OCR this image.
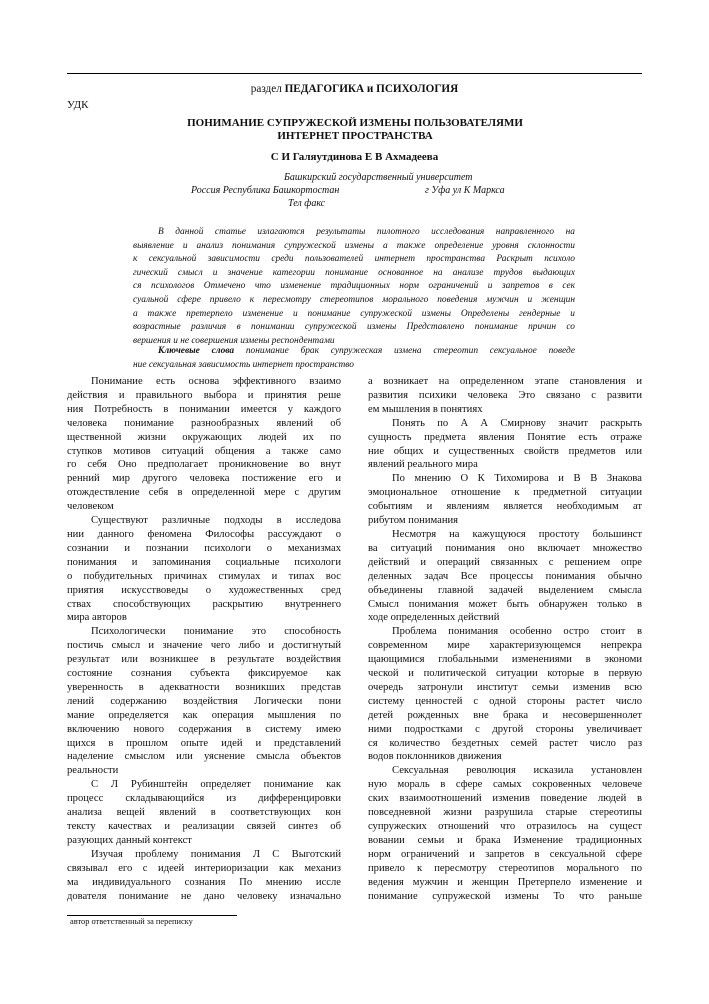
раздел ПЕДАГОГИКА и ПСИХОЛОГИЯ
УДК
ПОНИМАНИЕ СУПРУЖЕСКОЙ ИЗМЕНЫ ПОЛЬЗОВАТЕЛЯМИ
ИНТЕРНЕТ ПРОСТРАНСТВА
С И Галяутдинова Е В Ахмадеева
Башкирский государственный университет
Россия Республика Башкортостан	г Уфа ул К Маркса
Тел факс
В данной статье излагаются результаты пилотного исследования направленного на
выявление и анализ понимания супружеской измены а также определение уровня склонности
к сексуальной зависимости среди пользователей интернет пространства Раскрыт психоло
гический смысл и значение категории понимание основанное на анализе трудов выдающих
ся психологов Отмечено что изменение традиционных норм ограничений и запретов в сек
суальной сфере привело к пересмотру стереотипов морального поведения мужчин и женщин
а также претерпело изменение и понимание супружеской измены Определены гендерные и
возрастные различия в понимании супружеской измены Представлено понимание причин со
вершения и не совершения измены респондентами
Ключевые слова понимание брак супружеская измена стереотип сексуальное поведе
ние сексуальная зависимость интернет пространство
Понимание есть основа эффективного взаимо
действия и правильного выбора и принятия реше
ния Потребность в понимании имеется у каждого
человека понимание разнообразных явлений об
щественной жизни окружающих людей их по
ступков мотивов ситуаций общения а также само
го себя Оно предполагает проникновение во внут
ренний мир другого человека постижение его и
отождествление себя в определенной мере с другим
человеком
Существуют различные подходы в исследова
нии данного феномена Философы рассуждают о
сознании и познании психологи о механизмах
понимания и запоминания социальные психологи
о побудительных причинах стимулах и типах вос
приятия искусствоведы о художественных сред
ствах способствующих раскрытию внутреннего
мира авторов
Психологически понимание это способность
постичь смысл и значение чего либо и достигнутый
результат или возникшее в результате воздействия
состояние сознания субъекта фиксируемое как
уверенность в адекватности возникших представ
лений содержанию воздействия Логически пони
мание определяется как операция мышления по
включению нового содержания в систему имею
щихся в прошлом опыте идей и представлений
наделение смыслом или уяснение смысла объектов
реальности
С Л Рубинштейн определяет понимание как
процесс складывающийся из дифференцировки
анализа вещей явлений в соответствующих кон
тексту качествах и реализации связей синтез об
разующих данный контекст
Изучая проблему понимания Л С Выготский
связывал его с идеей интериоризации как механиз
ма индивидуального сознания По мнению иссле
дователя понимание не дано человеку изначально
а возникает на определенном этапе становления и
развития психики человека Это связано с развити
ем мышления в понятиях
Понять по А А Смирнову значит раскрыть
сущность предмета явления Понятие есть отраже
ние общих и существенных свойств предметов или
явлений реального мира
По мнению О К Тихомирова и В В Знакова
эмоциональное отношение к предметной ситуации
событиям и явлениям является необходимым ат
рибутом понимания
Несмотря на кажущуюся простоту большинст
ва ситуаций понимания оно включает множество
действий и операций связанных с решением опре
деленных задач Все процессы понимания обычно
объединены главной задачей выделением смысла
Смысл понимания может быть обнаружен только в
ходе определенных действий
Проблема понимания особенно остро стоит в
современном мире характеризующемся непрекра
щающимися глобальными изменениями в экономи
ческой и политической ситуации которые в первую
очередь затронули институт семьи изменив всю
систему ценностей с одной стороны растет число
детей рожденных вне брака и несовершеннолет
ними подростками с другой стороны увеличивает
ся количество бездетных семей растет число раз
водов поклонников движения
Сексуальная революция исказила установлен
ную мораль в сфере самых сокровенных человече
ских взаимоотношений изменив поведение людей в
повседневной жизни разрушила старые стереотипы
супружеских отношений что отразилось на сущест
вовании семьи и брака Изменение традиционных
норм ограничений и запретов в сексуальной сфере
привело к пересмотру стереотипов морального по
ведения мужчин и женщин Претерпело изменение и
понимание супружеской измены То что раньше
автор ответственный за переписку
